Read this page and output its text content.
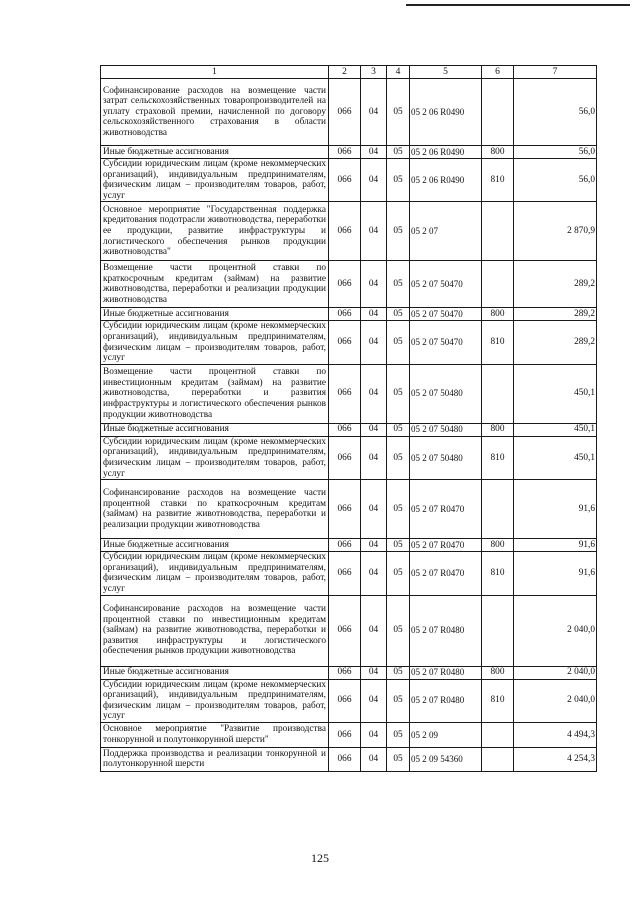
1	2	3	4	5	6	7
Софинансирование расходов на возмещение части затрат сельскохозяйственных товаропроизводителей на уплату страховой премии, начисленной по договору сельскохозяйственного страхования в области животноводства	066	04	05	05 2 06 R0490		56,0
Иные бюджетные ассигнования	066	04	05	05 2 06 R0490	800	56,0
Субсидии юридическим лицам (кроме некоммерческих организаций), индивидуальным предпринимателям, физическим лицам – производителям товаров, работ, услуг	066	04	05	05 2 06 R0490	810	56,0
Основное мероприятие "Государственная поддержка кредитования подотрасли животноводства, переработки ее продукции, развитие инфраструктуры и логистического обеспечения рынков продукции животноводства"	066	04	05	05 2 07		2 870,9
Возмещение части процентной ставки по краткосрочным кредитам (займам) на развитие животноводства, переработки и реализации продукции животноводства	066	04	05	05 2 07 50470		289,2
Иные бюджетные ассигнования	066	04	05	05 2 07 50470	800	289,2
Субсидии юридическим лицам (кроме некоммерческих организаций), индивидуальным предпринимателям, физическим лицам – производителям товаров, работ, услуг	066	04	05	05 2 07 50470	810	289,2
Возмещение части процентной ставки по инвестиционным кредитам (займам) на развитие животноводства, переработки и развития инфраструктуры и логистического обеспечения рынков продукции животноводства	066	04	05	05 2 07 50480		450,1
Иные бюджетные ассигнования	066	04	05	05 2 07 50480	800	450,1
Субсидии юридическим лицам (кроме некоммерческих организаций), индивидуальным предпринимателям, физическим лицам – производителям товаров, работ, услуг	066	04	05	05 2 07 50480	810	450,1
Софинансирование расходов на возмещение части процентной ставки по краткосрочным кредитам (займам) на развитие животноводства, переработки и реализации продукции животноводства	066	04	05	05 2 07 R0470		91,6
Иные бюджетные ассигнования	066	04	05	05 2 07 R0470	800	91,6
Субсидии юридическим лицам (кроме некоммерческих организаций), индивидуальным предпринимателям, физическим лицам – производителям товаров, работ, услуг	066	04	05	05 2 07 R0470	810	91,6
Софинансирование расходов на возмещение части процентной ставки по инвестиционным кредитам (займам) на развитие животноводства, переработки и развития инфраструктуры и логистического обеспечения рынков продукции животноводства	066	04	05	05 2 07 R0480		2 040,0
Иные бюджетные ассигнования	066	04	05	05 2 07 R0480	800	2 040,0
Субсидии юридическим лицам (кроме некоммерческих организаций), индивидуальным предпринимателям, физическим лицам – производителям товаров, работ, услуг	066	04	05	05 2 07 R0480	810	2 040,0
Основное мероприятие "Развитие производства тонкорунной и полутонкорунной шерсти"	066	04	05	05 2 09		4 494,3
Поддержка производства и реализации тонкорунной и полутонкорунной шерсти	066	04	05	05 2 09 54360		4 254,3
125
